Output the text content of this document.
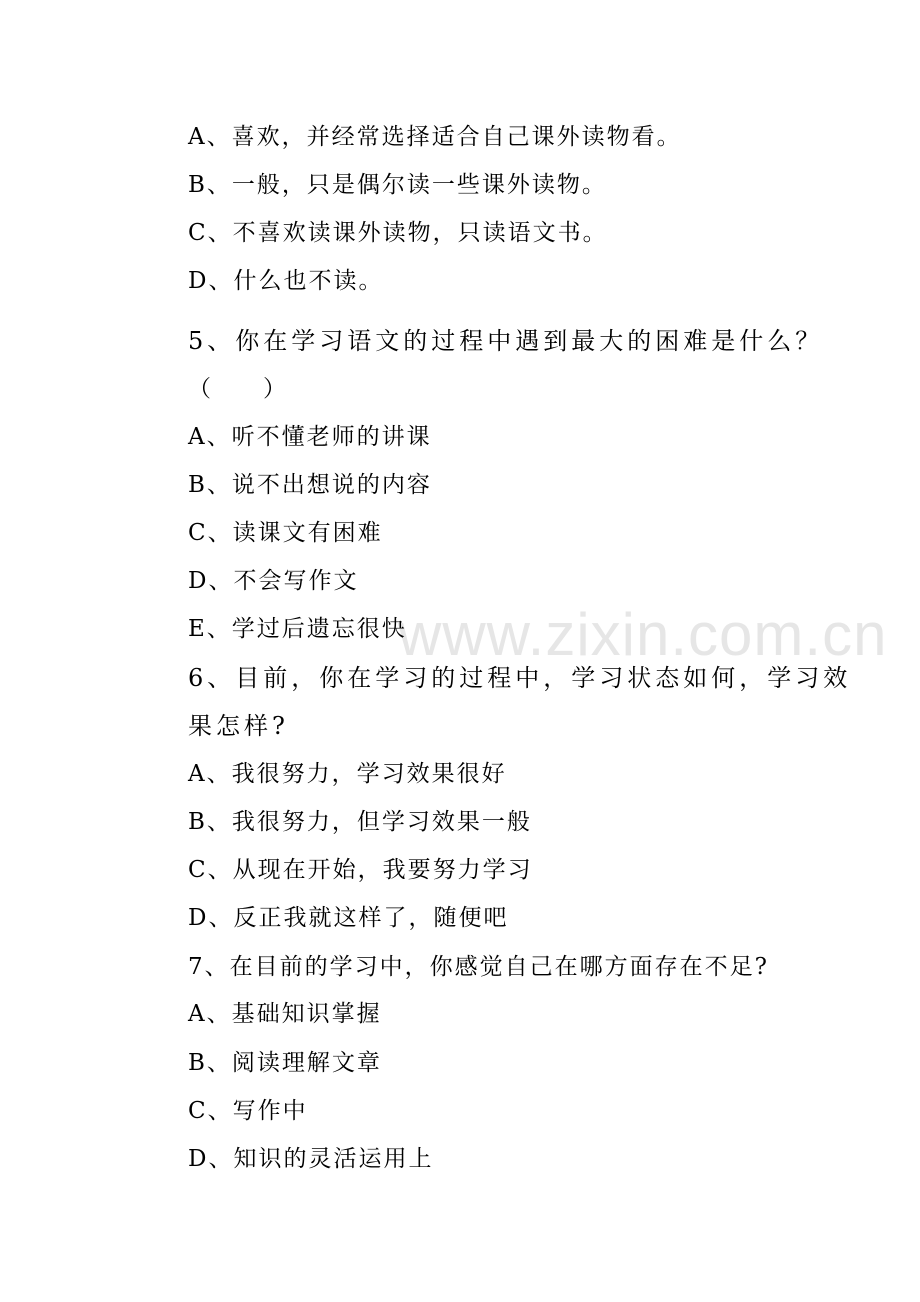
www.zixin.com.cn
A、喜欢，并经常选择适合自己课外读物看。
B、一般，只是偶尔读一些课外读物。
C、不喜欢读课外读物，只读语文书。
D、什么也不读。
5、你在学习语文的过程中遇到最大的困难是什么？
（　　）
A、听不懂老师的讲课
B、说不出想说的内容
C、读课文有困难
D、不会写作文
E、学过后遗忘很快
6、目前，你在学习的过程中，学习状态如何，学习效
果怎样?
A、我很努力，学习效果很好
B、我很努力，但学习效果一般
C、从现在开始，我要努力学习
D、反正我就这样了，随便吧
7、在目前的学习中，你感觉自己在哪方面存在不足?
A、基础知识掌握
B、阅读理解文章
C、写作中
D、知识的灵活运用上
